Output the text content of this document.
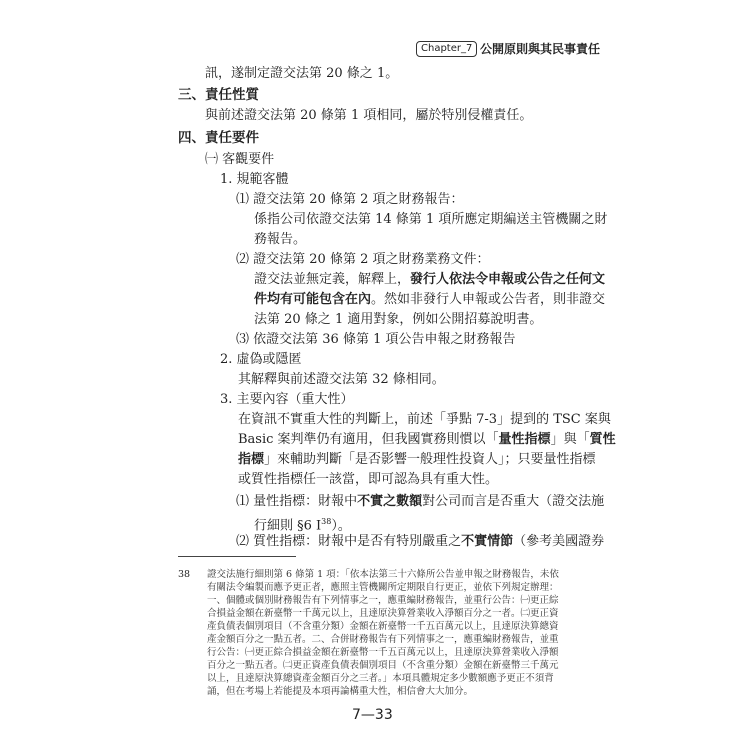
Chapter_7 公開原則與其民事責任
訊，遂制定證交法第 20 條之 1。
三、責任性質
與前述證交法第 20 條第 1 項相同，屬於特別侵權責任。
四、責任要件
㈠ 客觀要件
1. 規範客體
⑴ 證交法第 20 條第 2 項之財務報告：
係指公司依證交法第 14 條第 1 項所應定期編送主管機關之財
務報告。
⑵ 證交法第 20 條第 2 項之財務業務文件：
證交法並無定義，解釋上，發行人依法令申報或公告之任何文
件均有可能包含在內。然如非發行人申報或公告者，則非證交
法第 20 條之 1 適用對象，例如公開招募說明書。
⑶ 依證交法第 36 條第 1 項公告申報之財務報告
2. 虛偽或隱匿
其解釋與前述證交法第 32 條相同。
3. 主要內容（重大性）
在資訊不實重大性的判斷上，前述「爭點 7-3」提到的 TSC 案與
Basic 案判準仍有適用，但我國實務則慣以「量性指標」與「質性
指標」來輔助判斷「是否影響一般理性投資人」；只要量性指標
或質性指標任一該當，即可認為具有重大性。
38 證交法施行細則第 6 條第 1 項：「依本法第三十六條所公告並申報之財務報告，未依
有關法令編製而應予更正者，應照主管機關所定期限自行更正，並依下列規定辦理：
一、個體或個別財務報告有下列情事之一，應重編財務報告，並重行公告：㈠更正綜
合損益金額在新臺幣一千萬元以上，且達原決算營業收入淨額百分之一者。㈡更正資
產負債表個別項目（不含重分類）金額在新臺幣一千五百萬元以上，且達原決算總資
產金額百分之一點五者。二、合併財務報告有下列情事之一，應重編財務報告，並重
行公告：㈠更正綜合損益金額在新臺幣一千五百萬元以上，且達原決算營業收入淨額
百分之一點五者。㈡更正資產負債表個別項目（不含重分類）金額在新臺幣三千萬元
以上，且達原決算總資產金額百分之三者。」本項具體規定多少數額應予更正不須背
誦，但在考場上若能提及本項再論構重大性，相信會大大加分。
7—33
⑴ 量性指標：財報中不實之數額對公司而言是否重大（證交法施
行細則 §6 Ⅰ$^{38}$）。
⑵ 質性指標：財報中是否有特別嚴重之不實情節（參考美國證券
